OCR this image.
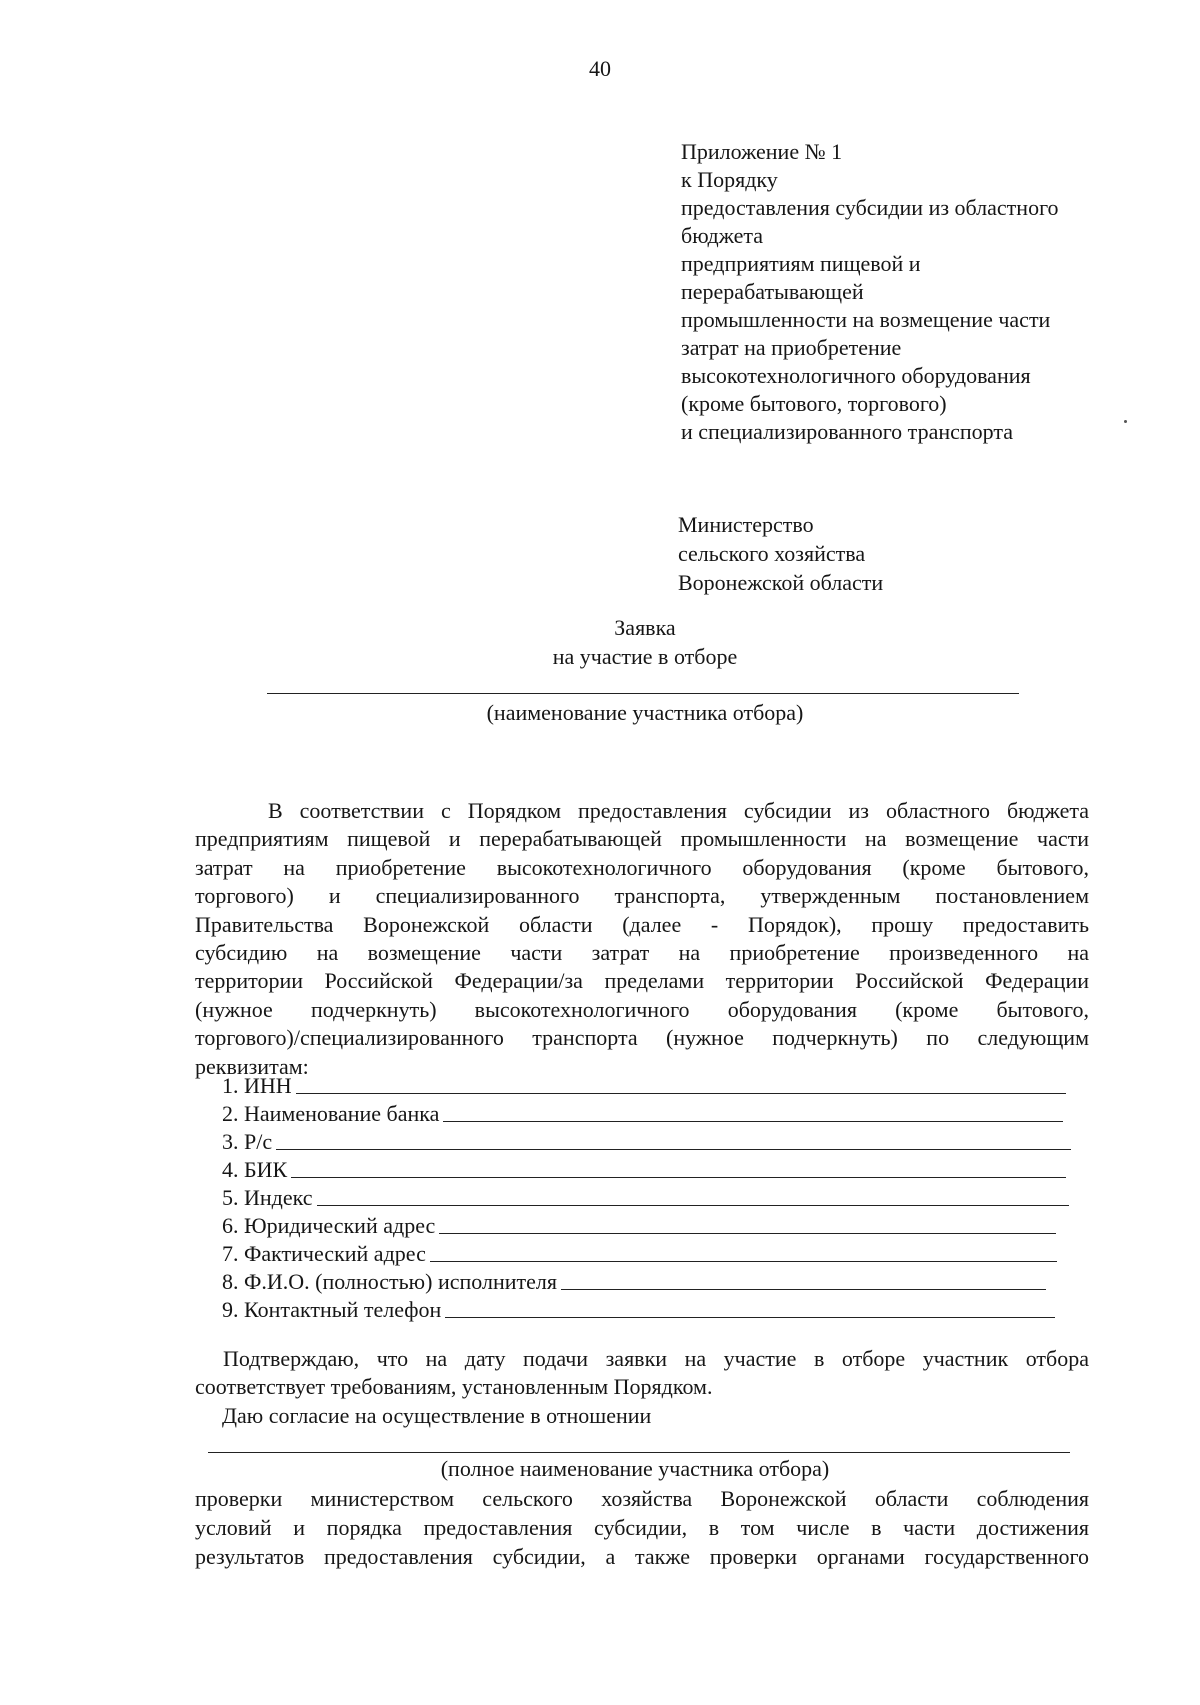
40
Приложение № 1
к Порядку
предоставления субсидии из областного
бюджета
предприятиям пищевой и
перерабатывающей
промышленности на возмещение части
затрат на приобретение
высокотехнологичного оборудования
(кроме бытового, торгового)
и специализированного транспорта
Министерство
сельского хозяйства
Воронежской области
Заявка
на участие в отборе
(наименование участника отбора)
В соответствии с Порядком предоставления субсидии из областного бюджета
предприятиям пищевой и перерабатывающей промышленности на возмещение части
затрат на приобретение высокотехнологичного оборудования (кроме бытового,
торгового) и специализированного транспорта, утвержденным постановлением
Правительства Воронежской области (далее - Порядок), прошу предоставить
субсидию на возмещение части затрат на приобретение произведенного на
территории Российской Федерации/за пределами территории Российской Федерации
(нужное подчеркнуть) высокотехнологичного оборудования (кроме бытового,
торгового)/специализированного транспорта (нужное подчеркнуть) по следующим
реквизитам:
1. ИНН
2. Наименование банка
3. Р/с
4. БИК
5. Индекс
6. Юридический адрес
7. Фактический адрес
8. Ф.И.О. (полностью) исполнителя
9. Контактный телефон

Подтверждаю, что на дату подачи заявки на участие в отборе участник отбора

соответствует требованиям, установленным Порядком.

Даю согласие на осуществление в отношении
(полное наименование участника отбора)
проверки министерством сельского хозяйства Воронежской области соблюдения
условий и порядка предоставления субсидии, в том числе в части достижения
результатов предоставления субсидии, а также проверки органами государственного
